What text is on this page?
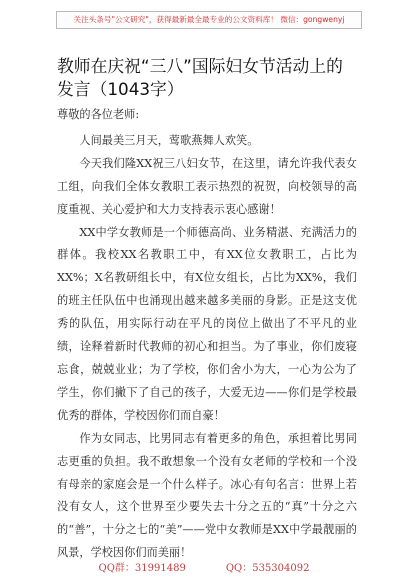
关注头条号"公文研究"，获得最新最全最专业的公文资料库！ 微信：gongwenyj
教师在庆祝“三八”国际妇女节活动上的发言（1043字）

尊敬的各位老师:

人间最美三月天，莺歌燕舞人欢笑。

今天我们隆XX祝三八妇女节，在这里，请允许我代表女工组，向我们全体女教职工表示热烈的祝贺，向校领导的高度重视、关心爱护和大力支持表示衷心感谢！

XX中学女教师是一个师德高尚、业务精湛、充满活力的群体。我校XX名教职工中，有XX位女教职工，占比为XX%；X名教研组长中，有X位女组长，占比为XX%，我们的班主任队伍中也涌现出越来越多美丽的身影。正是这支优秀的队伍，用实际行动在平凡的岗位上做出了不平凡的业绩，诠释着新时代教师的初心和担当。为了事业，你们废寝忘食，兢兢业业；为了学校，你们舍小为大，一心为公为了学生，你们撇下了自己的孩子，大爱无边——你们是学校最优秀的群体，学校因你们而自豪！

作为女同志，比男同志有着更多的角色，承担着比男同志更重的负担。我不敢想象一个没有女老师的学校和一个没有母亲的家庭会是一个什么样子。冰心有句名言：世界上若没有女人，这个世界至少要失去十分之五的“真”十分之六的“善”，十分之七的“美”——党中女教师是XX中学最靓丽的风景，学校因你们而美丽！

QQ群：31991489	QQ：535304092
